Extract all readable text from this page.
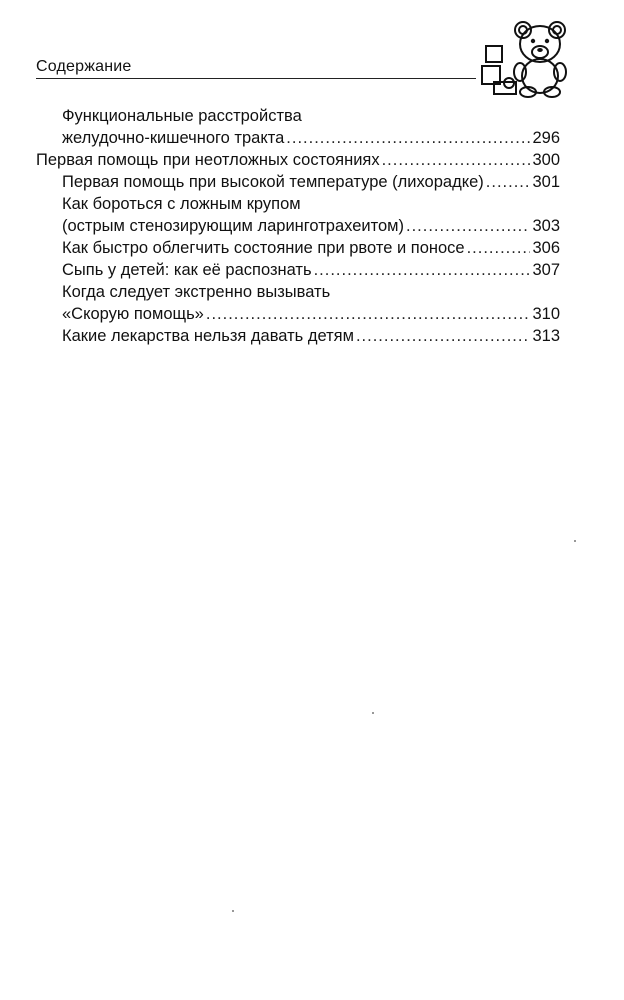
Содержание
Функциональные расстройства
желудочно-кишечного тракта .....	296
Первая помощь при неотложных состояниях .....	300
Первая помощь при высокой температуре (лихорадке) .....	301
Как бороться с ложным крупом
(острым стенозирующим ларинготрахеитом) .....	303
Как быстро облегчить состояние при рвоте и поносе .....	306
Сыпь у детей: как её распознать .....	307
Когда следует экстренно вызывать
«Скорую помощь» .....	310
Какие лекарства нельзя давать детям .....	313
